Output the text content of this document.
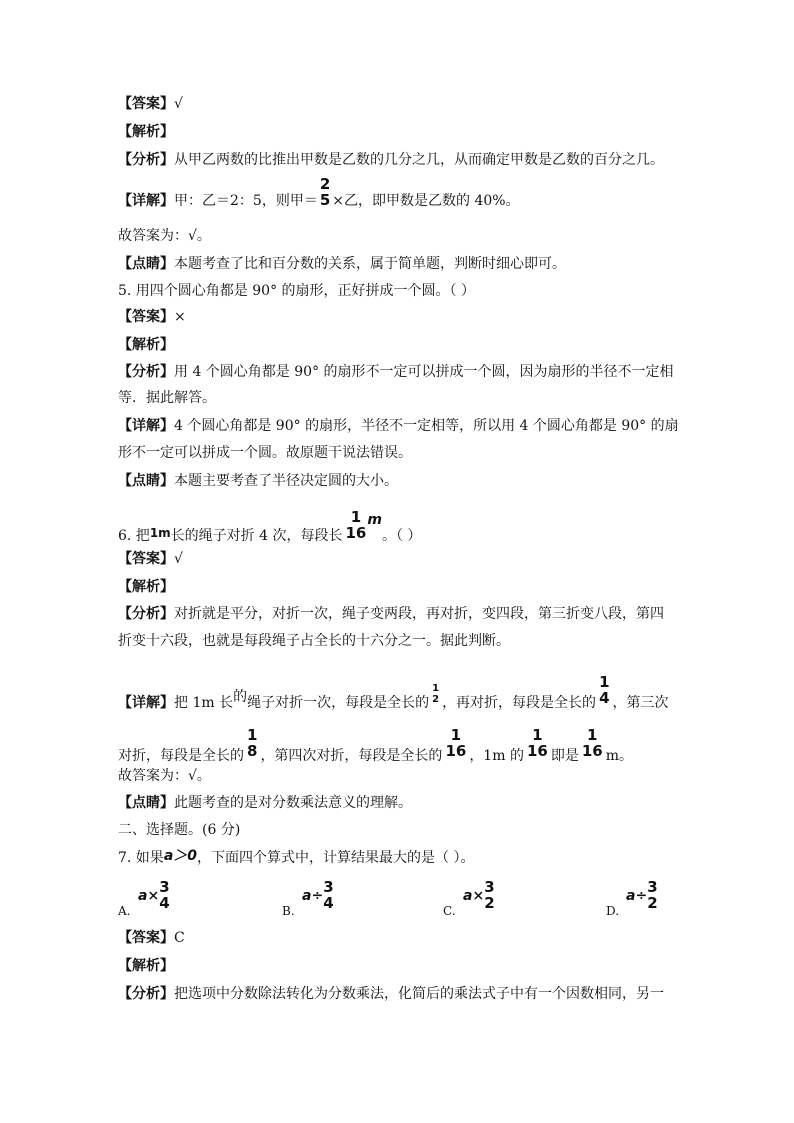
【答案】√
【解析】
【分析】从甲乙两数的比推出甲数是乙数的几分之几，从而确定甲数是乙数的百分之几。
【详解】甲：乙＝2：5，则甲＝
2
5 ×乙，即甲数是乙数的 40%。
故答案为：√。
【点睛】本题考查了比和百分数的关系，属于简单题，判断时细心即可。
5. 用四个圆心角都是 90° 的扇形，正好拼成一个圆。（ ）
【答案】×
【解析】
【分析】用 4 个圆心角都是 90° 的扇形不一定可以拼成一个圆，因为扇形的半径不一定相
等．据此解答。
【详解】4 个圆心角都是 90° 的扇形，半径不一定相等，所以用 4 个圆心角都是 90° 的扇
形不一定可以拼成一个圆。故原题干说法错误。
【点睛】本题主要考查了半径决定圆的大小。
6. 把1m长的绳子对折 4 次，每段长
1
16
m。（ ）
【答案】√
【解析】
【分析】对折就是平分，对折一次，绳子变两段，再对折，变四段，第三折变八段，第四
折变十六段，也就是每段绳子占全长的十六分之一。据此判断。
【详解】把 1m 长的绳子对折一次，每段是全长的
1
2 ，再对折，每段是全长的
1
4 ，第三次
对折，每段是全长的
1
8 ，第四次对折，每段是全长的
1
16 ，1m 的
1
16 即是
1
16 m。
故答案为：√。
【点睛】此题考查的是对分数乘法意义的理解。
二、选择题。(6 分)
7. 如果a＞0，下面四个算式中，计算结果最大的是（ ）。
A.
a× 3
4	B.
a÷ 3
4	C.
a× 3
2	D.
a÷ 3
2
【答案】C
【解析】
【分析】把选项中分数除法转化为分数乘法，化简后的乘法式子中有一个因数相同，另一
